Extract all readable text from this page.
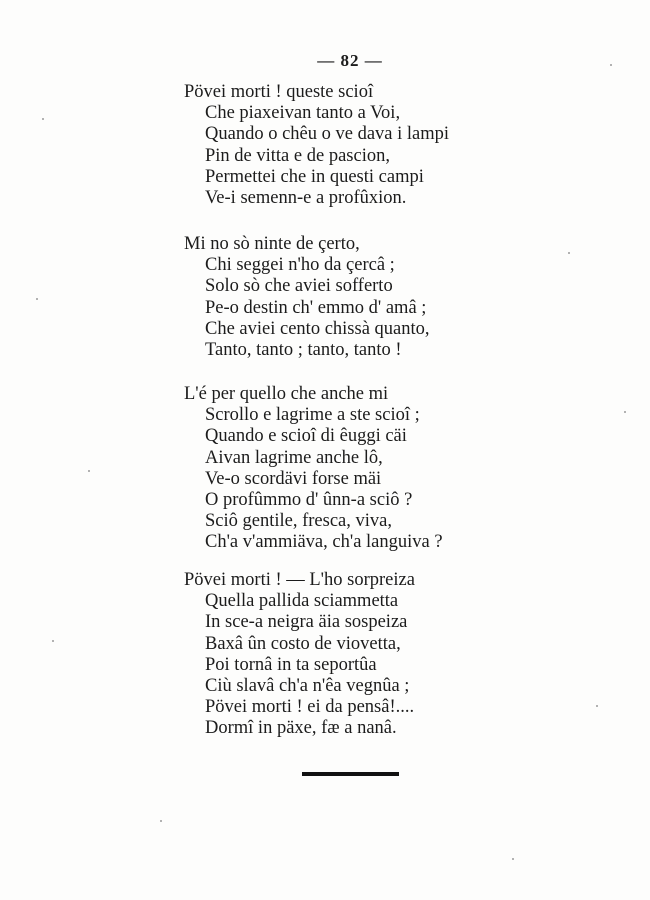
— 82 —
Pövei morti ! queste scioî
Che piaxeivan tanto a Voi,
Quando o chêu o ve dava i lampi
Pin de vitta e de pascion,
Permettei che in questi campi
Ve-i semenn-e a profûxion.
Mi no sò ninte de çerto,
Chi seggei n'ho da çercâ ;
Solo sò che aviei sofferto
Pe-o destin ch' emmo d' amâ ;
Che aviei cento chissà quanto,
Tanto, tanto ; tanto, tanto !
L'é per quello che anche mi
Scrollo e lagrime a ste scioî ;
Quando e scioî di êuggi cäi
Aivan lagrime anche lô,
Ve-o scordävi forse mäi
O profûmmo d' ûnn-a sciô ?
Sciô gentile, fresca, viva,
Ch'a v'ammiäva, ch'a languiva ?
Pövei morti ! — L'ho sorpreiza
Quella pallida sciammetta
In sce-a neigra äia sospeiza
Baxâ ûn costo de viovetta,
Poi tornâ in ta seportûa
Ciù slavâ ch'a n'êa vegnûa ;
Pövei morti ! ei da pensâ!....
Dormî in päxe, fæ a nanâ.
